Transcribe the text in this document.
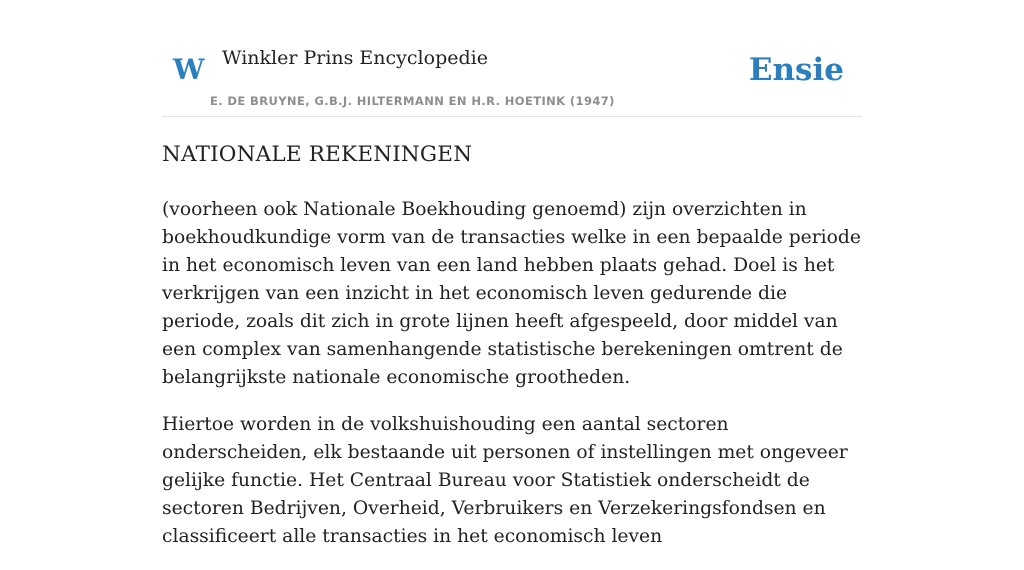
W Winkler Prins Encyclopedie
E. DE BRUYNE, G.B.J. HILTERMANN EN H.R. HOETINK (1947)
Ensie
NATIONALE REKENINGEN

(voorheen ook Nationale Boekhouding genoemd) zijn overzichten in boekhoudkundige vorm van de transacties welke in een bepaalde periode in het economisch leven van een land hebben plaats gehad. Doel is het verkrijgen van een inzicht in het economisch leven gedurende die periode, zoals dit zich in grote lijnen heeft afgespeeld, door middel van een complex van samenhangende statistische berekeningen omtrent de belangrijkste nationale economische grootheden.

Hiertoe worden in de volkshuishouding een aantal sectoren onderscheiden, elk bestaande uit personen of instellingen met ongeveer gelijke functie. Het Centraal Bureau voor Statistiek onderscheidt de sectoren Bedrijven, Overheid, Verbruikers en Verzekeringsfondsen en classificeert alle transacties in het economisch leven
